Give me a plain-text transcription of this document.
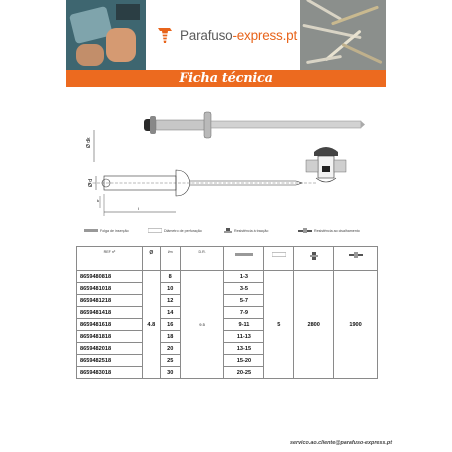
Parafuso-express.pt
Ficha técnica
Ø dk
Ø d
l
k
Folga de inserção	Diâmetro de perfuração	Resistência à tracção	Resistência ao cisalhamento
REF nº	Ø	l/m	D.R.	

8659480818	4.8	8	9.5	1-3	5	2800	1900
8659481018		10		3-5			
8659481218		12		5-7			
8659481418		14		7-9			
8659481618		16		9-11			
8659481818		18		11-13			
8659482018		20		13-15			
8659482518		25		15-20			
8659483018		30		20-25			
servico.ao.cliente@parafuso-express.pt
